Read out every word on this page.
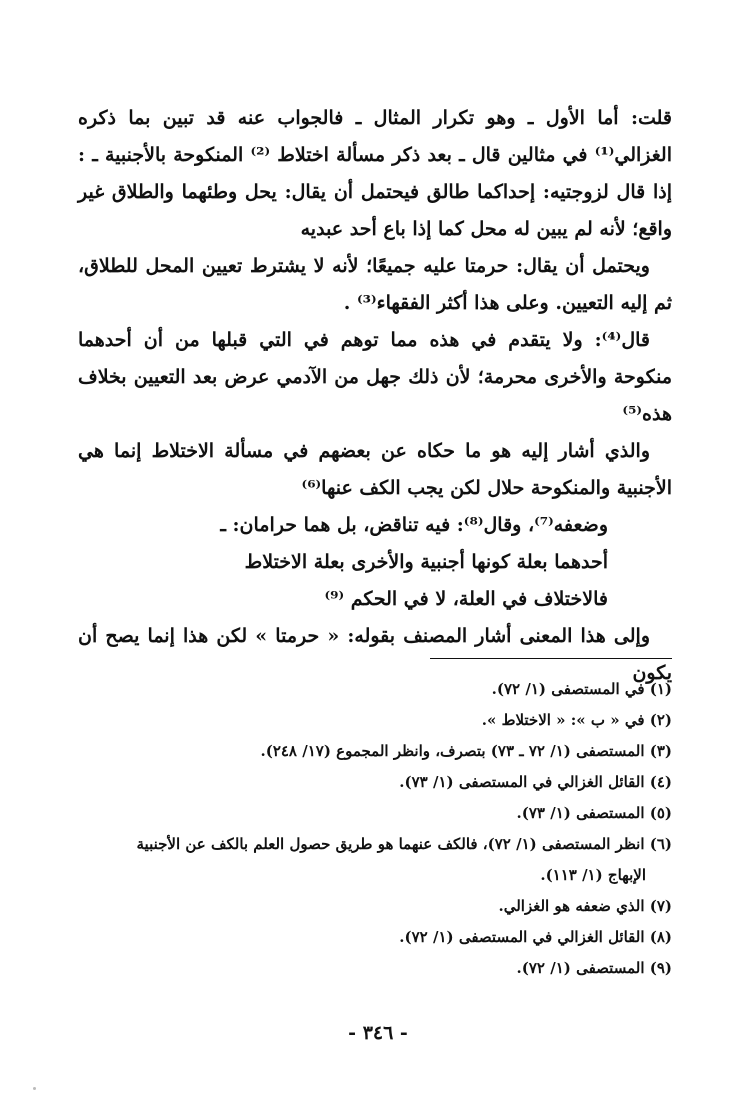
قلت: أما الأول ـ وهو تكرار المثال ـ فالجواب عنه قد تبين بما ذكره الغزالي⁽¹⁾ في مثالين قال ـ بعد ذكر مسألة اختلاط ⁽²⁾ المنكوحة بالأجنبية ـ : إذا قال لزوجتيه: إحداكما طالق فيحتمل أن يقال: يحل وطئهما والطلاق غير واقع؛ لأنه لم يبين له محل كما إذا باع أحد عبديه

ويحتمل أن يقال: حرمتا عليه جميعًا؛ لأنه لا يشترط تعيين المحل للطلاق، ثم إليه التعيين. وعلى هذا أكثر الفقهاء⁽³⁾ .

قال⁽⁴⁾: ولا يتقدم في هذه مما توهم في التي قبلها من أن أحدهما منكوحة والأخرى محرمة؛ لأن ذلك جهل من الآدمي عرض بعد التعيين بخلاف هذه⁽⁵⁾

والذي أشار إليه هو ما حكاه عن بعضهم في مسألة الاختلاط إنما هي الأجنبية والمنكوحة حلال لكن يجب الكف عنها⁽⁶⁾

وضعفه⁽⁷⁾، وقال⁽⁸⁾: فيه تناقض، بل هما حرامان: ـ

أحدهما بعلة كونها أجنبية والأخرى بعلة الاختلاط

فالاختلاف في العلة، لا في الحكم ⁽⁹⁾

وإلى هذا المعنى أشار المصنف بقوله: « حرمتا » لكن هذا إنما يصح أن يكون

(١) في المستصفى (١/ ٧٢).

(٢) في « ب »: « الاختلاط ».

(٣) المستصفى (١/ ٧٢ ـ ٧٣) بتصرف، وانظر المجموع (١٧/ ٢٤٨).

(٤) القائل الغزالي في المستصفى (١/ ٧٣).

(٥) المستصفى (١/ ٧٣).

(٦) انظر المستصفى (١/ ٧٢)، فالكف عنهما هو طريق حصول العلم بالكف عن الأجنبية
الإبهاج (١/ ١١٣).

(٧) الذي ضعفه هو الغزالي.

(٨) القائل الغزالي في المستصفى (١/ ٧٢).

(٩) المستصفى (١/ ٧٢).

- ٣٤٦ -
